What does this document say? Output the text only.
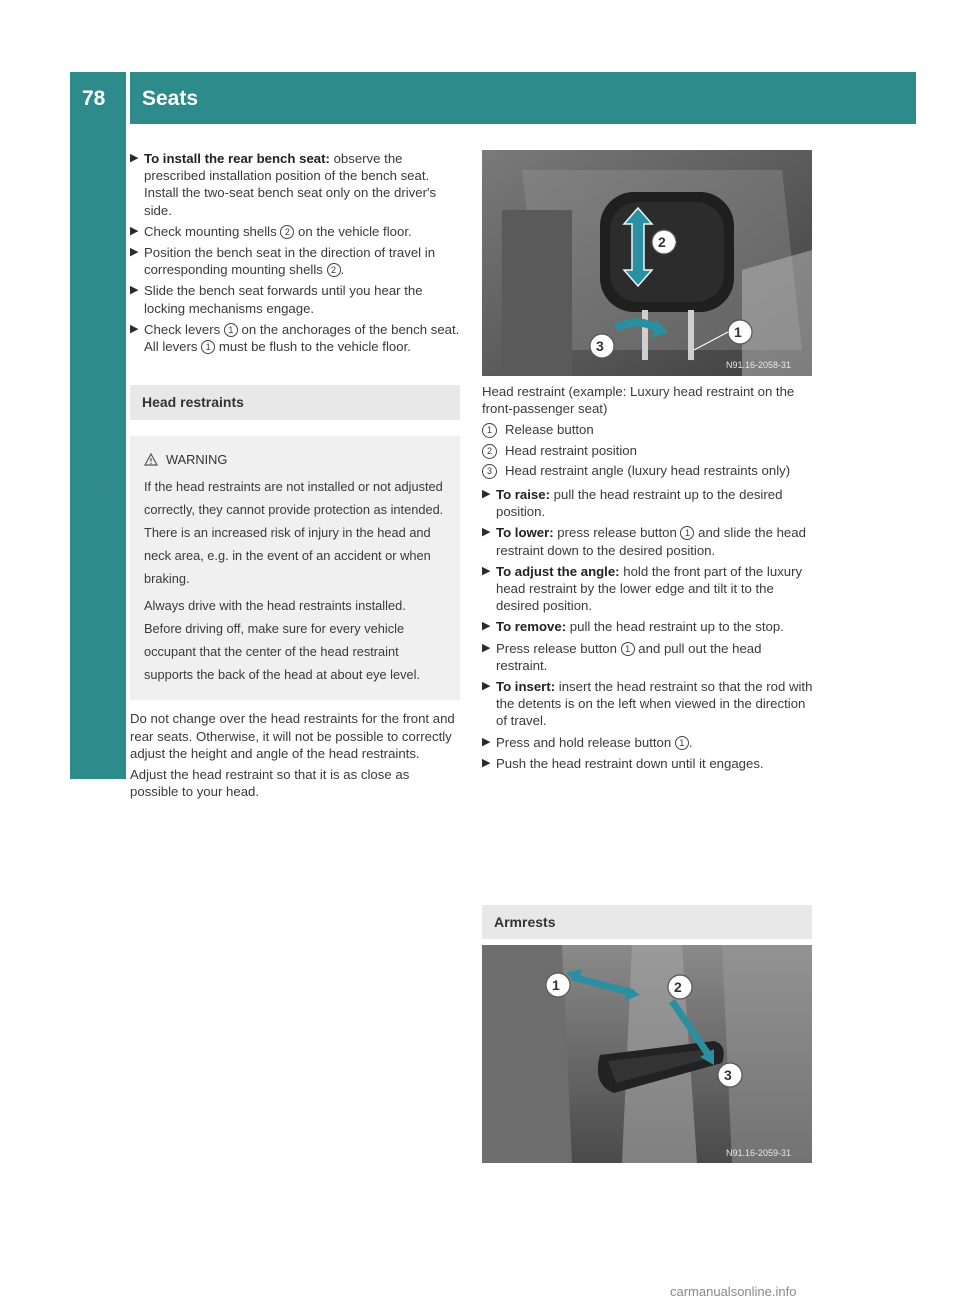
78 Seats
Seats, steering wheel and mirrors
▶ To install the rear bench seat: observe the prescribed installation position of the bench seat.
Install the two-seat bench seat only on the driver's side.
▶ Check mounting shells 2 on the vehicle floor.
▶ Position the bench seat in the direction of travel in corresponding mounting shells 2 .
▶ Slide the bench seat forwards until you hear the locking mechanisms engage.
▶ Check levers 1 on the anchorages of the bench seat.
All levers 1 must be flush to the vehicle floor.
Head restraints
WARNING

If the head restraints are not installed or not adjusted correctly, they cannot provide protection as intended. There is an increased risk of injury in the head and neck area, e.g. in the event of an accident or when braking.

Always drive with the head restraints installed. Before driving off, make sure for every vehicle occupant that the center of the head restraint supports the back of the head at about eye level.

Do not change over the head restraints for the front and rear seats. Otherwise, it will not be possible to correctly adjust the height and angle of the head restraints.

Adjust the head restraint so that it is as close as possible to your head.

2
3
1
N91.16-2058-31

Head restraint (example: Luxury head restraint on the front-passenger seat)

1 Release button
2 Head restraint position
3 Head restraint angle (luxury head restraints only)
▶ To raise: pull the head restraint up to the desired position.
▶ To lower: press release button 1 and slide the head restraint down to the desired position.
▶ To adjust the angle: hold the front part of the luxury head restraint by the lower edge and tilt it to the desired position.
▶ To remove: pull the head restraint up to the stop.
▶ Press release button 1 and pull out the head restraint.
▶ To insert: insert the head restraint so that the rod with the detents is on the left when viewed in the direction of travel.
▶ Press and hold release button 1 .
▶ Push the head restraint down until it engages.
Armrests
1	2
3
N91.16-2059-31
carmanualsonline.info
